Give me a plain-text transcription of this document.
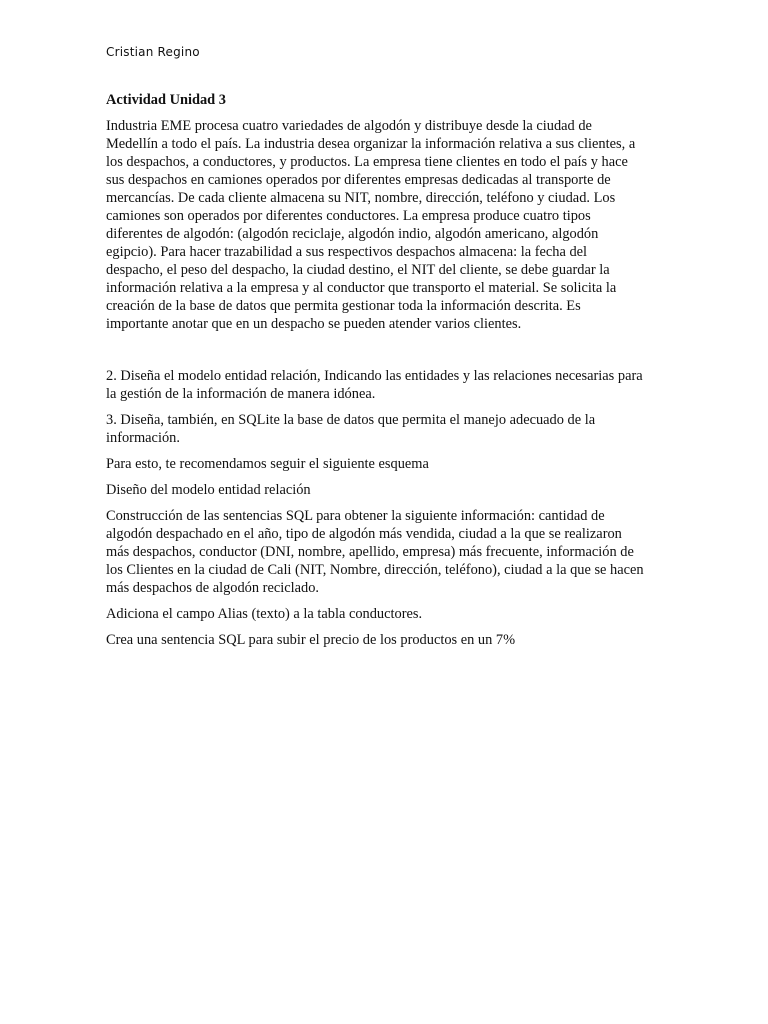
Cristian Regino
Actividad Unidad 3
Industria EME procesa cuatro variedades de algodón y distribuye desde la ciudad de Medellín a todo el país. La industria desea organizar la información relativa a sus clientes, a los despachos, a conductores, y productos. La empresa tiene clientes en todo el país y hace sus despachos en camiones operados por diferentes empresas dedicadas al transporte de mercancías. De cada cliente almacena su NIT, nombre, dirección, teléfono y ciudad. Los camiones son operados por diferentes conductores. La empresa produce cuatro tipos diferentes de algodón: (algodón reciclaje, algodón indio, algodón americano, algodón egipcio). Para hacer trazabilidad a sus respectivos despachos almacena: la fecha del despacho, el peso del despacho, la ciudad destino, el NIT del cliente, se debe guardar la información relativa a la empresa y al conductor que transporto el material. Se solicita la creación de la base de datos que permita gestionar toda la información descrita. Es importante anotar que en un despacho se pueden atender varios clientes.
2. Diseña el modelo entidad relación, Indicando las entidades y las relaciones necesarias para la gestión de la información de manera idónea.
3. Diseña, también, en SQLite la base de datos que permita el manejo adecuado de la información.
Para esto, te recomendamos seguir el siguiente esquema
Diseño del modelo entidad relación
Construcción de las sentencias SQL para obtener la siguiente información: cantidad de algodón despachado en el año, tipo de algodón más vendida, ciudad a la que se realizaron más despachos, conductor (DNI, nombre, apellido, empresa) más frecuente, información de los Clientes en la ciudad de Cali (NIT, Nombre, dirección, teléfono), ciudad a la que se hacen más despachos de algodón reciclado.
Adiciona el campo Alias (texto) a la tabla conductores.
Crea una sentencia SQL para subir el precio de los productos en un 7%
